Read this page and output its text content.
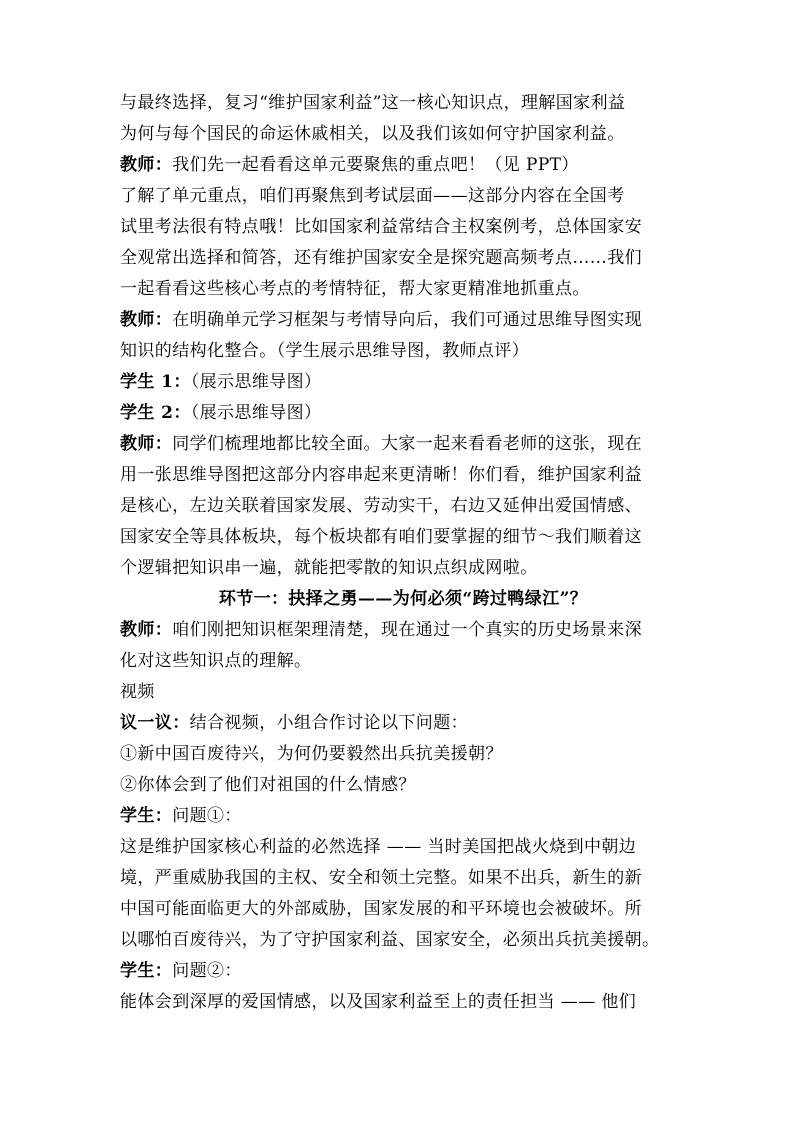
与最终选择，复习“维护国家利益”这一核心知识点，理解国家利益
为何与每个国民的命运休戚相关，以及我们该如何守护国家利益。
教师：我们先一起看看这单元要聚焦的重点吧！（见 PPT）
了解了单元重点，咱们再聚焦到考试层面——这部分内容在全国考
试里考法很有特点哦！比如国家利益常结合主权案例考，总体国家安
全观常出选择和简答，还有维护国家安全是探究题高频考点……我们
一起看看这些核心考点的考情特征，帮大家更精准地抓重点。
教师：在明确单元学习框架与考情导向后，我们可通过思维导图实现
知识的结构化整合。（学生展示思维导图，教师点评）
学生 1：（展示思维导图）
学生 2：（展示思维导图）
教师：同学们梳理地都比较全面。大家一起来看看老师的这张，现在
用一张思维导图把这部分内容串起来更清晰！你们看，维护国家利益
是核心，左边关联着国家发展、劳动实干，右边又延伸出爱国情感、
国家安全等具体板块，每个板块都有咱们要掌握的细节～我们顺着这
个逻辑把知识串一遍，就能把零散的知识点织成网啦。
环节一：抉择之勇——为何必须“跨过鸭绿江”？
教师：咱们刚把知识框架理清楚，现在通过一个真实的历史场景来深
化对这些知识点的理解。
视频
议一议：结合视频，小组合作讨论以下问题：
①新中国百废待兴，为何仍要毅然出兵抗美援朝？
②你体会到了他们对祖国的什么情感？
学生：问题①：
这是维护国家核心利益的必然选择 —— 当时美国把战火烧到中朝边
境，严重威胁我国的主权、安全和领土完整。如果不出兵，新生的新
中国可能面临更大的外部威胁，国家发展的和平环境也会被破坏。所
以哪怕百废待兴，为了守护国家利益、国家安全，必须出兵抗美援朝。
学生：问题②：
能体会到深厚的爱国情感，以及国家利益至上的责任担当 —— 他们
